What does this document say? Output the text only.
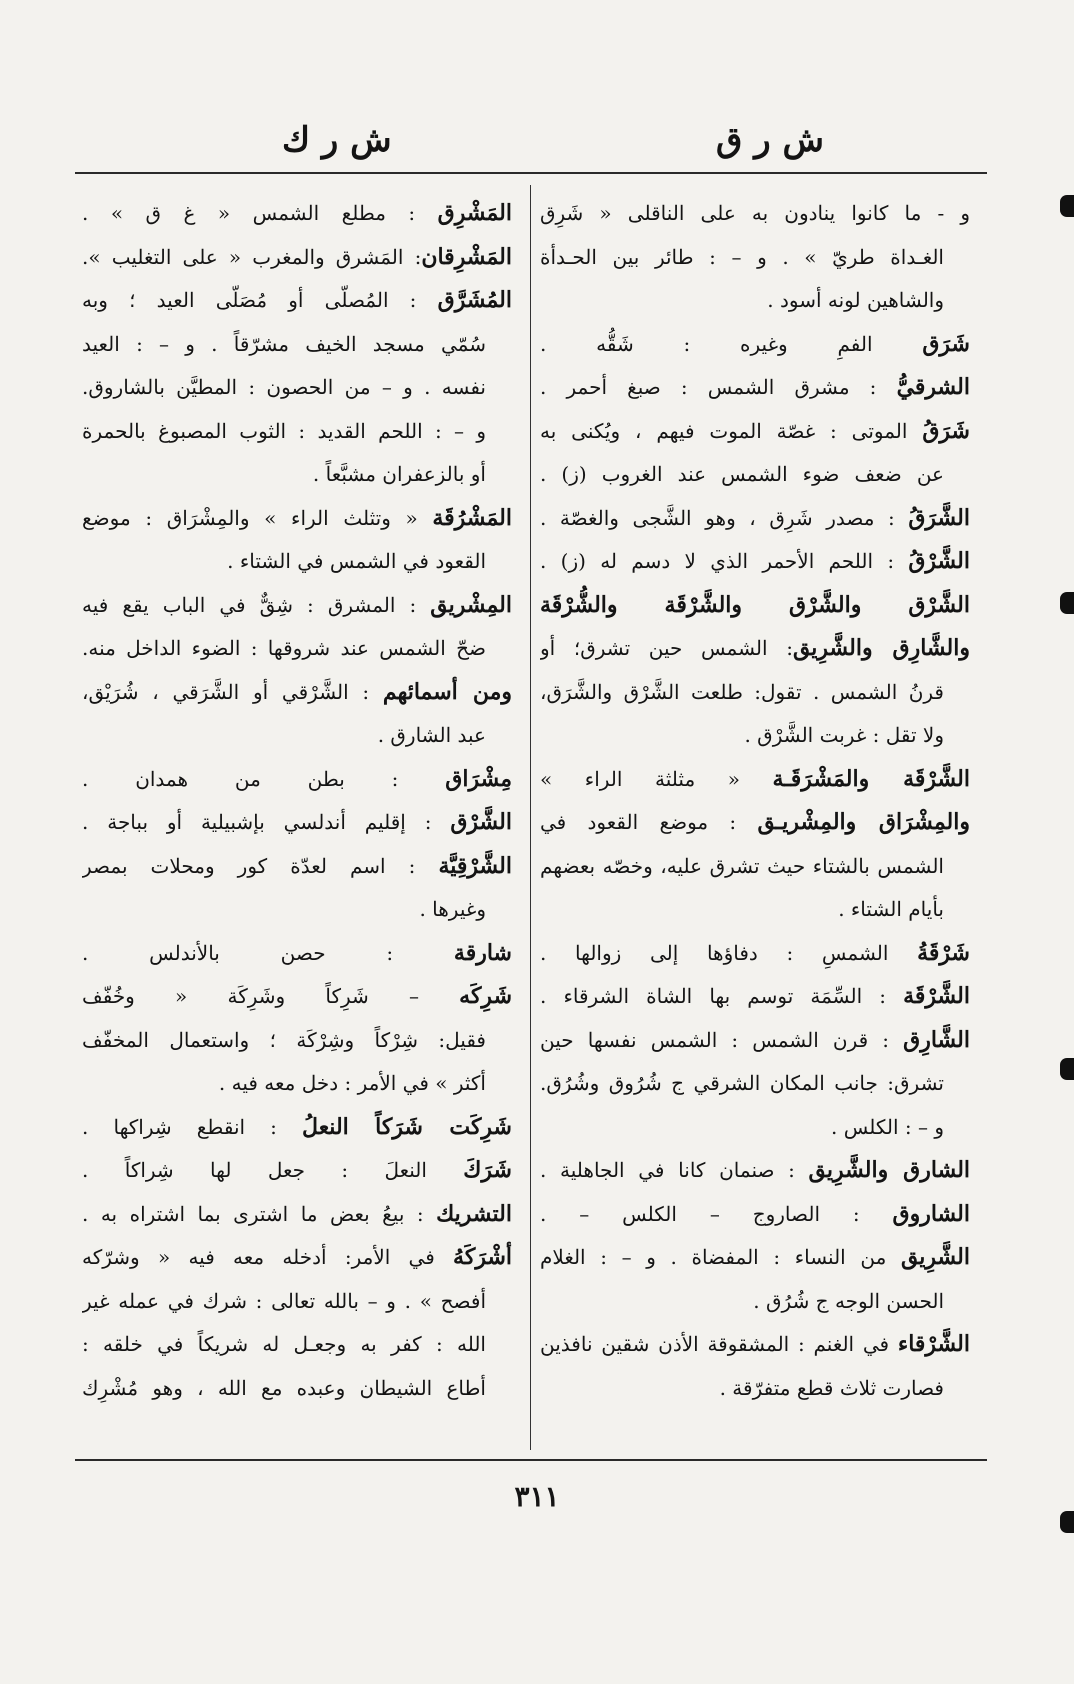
ش ر ق
ش ر ك
و - ما كانوا ينادون به على الناقلى « شَرِق
الغـداة طريّ » . و – : طائر بين الحـدأة
والشاهين لونه أسود .
شَرَق الفمِ وغيره : شَقُّه .
الشرقيُّ : مشرق الشمس : صبغ أحمر .
شَرَقُ الموتى : غصّة الموت فيهم ، ويُكنى به
عن ضعف ضوء الشمس عند الغروب (ز) .
الشَّرَقُ : مصدر شَرِق ، وهو الشَّجى والغصّة .
الشَّرْقُ : اللحم الأحمر الذي لا دسم له (ز) .
الشَّرْق والشَّرْق والشَّرْقَة والشُّرْقَة
والشَّارِق والشَّرِيق: الشمس حين تشرق؛ أو
قرنُ الشمس . تقول: طلعت الشَّرْق والشَّرَق،
ولا تقل : غربت الشَّرْق .
الشَّرْقَة والمَشْرَقَـة « مثلثة الراء »
والمِشْرَاق والمِشْريـق : موضع القعود في
الشمس بالشتاء حيث تشرق عليه، وخصّه بعضهم
بأيام الشتاء .
شَرْقَةُ الشمسِ : دفاؤها إلى زوالها .
الشَّرْقَة : السِّمَة توسم بها الشاة الشرقاء .
الشَّارِق : قرن الشمس : الشمس نفسها حين
تشرق: جانب المكان الشرقي ج شُرُوق وشُرُق.
و – : الكلس .
الشارق والشَّرِيق : صنمان كانا في الجاهلية .
الشاروق : الصاروج – الكلس – .
الشَّرِيق من النساء : المفضاة . و – : الغلام
الحسن الوجه ج شُرُق .
الشَّرْقاء في الغنم : المشقوقة الأذن شقين نافذين
فصارت ثلاث قطع متفرّقة .
المَشْرِق : مطلع الشمس « غ ق » .
المَشْرِقان: المَشرق والمغرب « على التغليب ».
المُشَرَّق : المُصلّى أو مُصَلّى العيد ؛ وبه
سُمّي مسجد الخيف مشرّقاً . و – : العيد
نفسه . و – من الحصون : المطيَّن بالشاروق.
و – : اللحم القديد : الثوب المصبوغ بالحمرة
أو بالزعفران مشبَّعاً .
المَشْرُقَة « وتثلث الراء » والمِشْرَاق : موضع
القعود في الشمس في الشتاء .
المِشْريق : المشرق : شِقٌّ في الباب يقع فيه
ضحّ الشمس عند شروقها : الضوء الداخل منه.
ومن أسمائهم : الشَّرْقي أو الشَّرَقي ، شُرَيْق،
عبد الشارق .
مِشْرَاق : بطن من همدان .
الشَّرْق : إقليم أندلسي بإشبيلية أو بباجة .
الشَّرْقِيَّة : اسم لعدّة كور ومحلات بمصر
وغيرها .
شارقة : حصن بالأندلس .
شَرِكَه – شَرِكاً وشَرِكَة « وخُفّف
فقيل: شِرْكاً وشِرْكَة ؛ واستعمال المخفّف
أكثر » في الأمر : دخل معه فيه .
شَرِكَت شَرَكاً النعلُ : انقطع شِراكها .
شَرَكَ النعلَ : جعل لها شِراكاً .
التشريك : بيعُ بعض ما اشترى بما اشتراه به .
أشْرَكَهُ في الأمر: أدخله معه فيه « وشرّكه
أفصح » . و – بالله تعالى : شرك في عمله غير
الله : كفر به وجعـل له شريكاً في خلقه :
أطاع الشيطان وعبده مع الله ، وهو مُشْرِك
٣١١
